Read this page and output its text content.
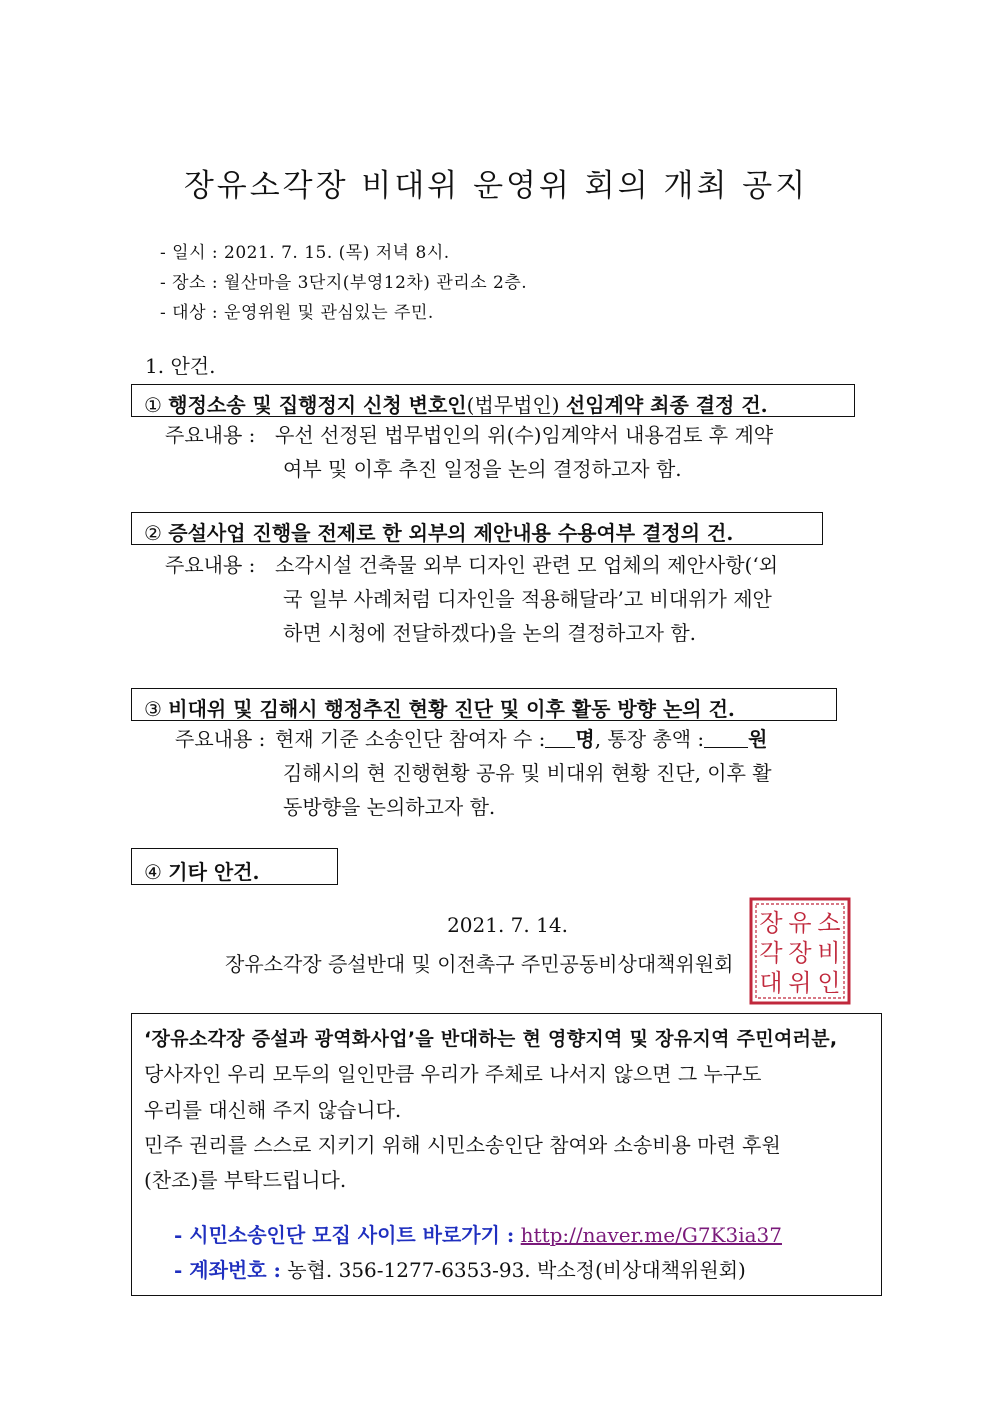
장유소각장 비대위 운영위 회의 개최 공지
- 일시 : 2021. 7. 15. (목) 저녁 8시.
- 장소 : 월산마을 3단지(부영12차) 관리소 2층.
- 대상 : 운영위원 및 관심있는 주민.
1. 안건.
① 행정소송 및 집행정지 신청 변호인(법무법인) 선임계약 최종 결정 건.
주요내용 : 우선 선정된 법무법인의 위(수)임계약서 내용검토 후 계약
여부 및 이후 추진 일정을 논의 결정하고자 함.
② 증설사업 진행을 전제로 한 외부의 제안내용 수용여부 결정의 건.
주요내용 : 소각시설 건축물 외부 디자인 관련 모 업체의 제안사항(‘외
국 일부 사례처럼 디자인을 적용해달라’고 비대위가 제안
하면 시청에 전달하겠다)을 논의 결정하고자 함.
③ 비대위 및 김해시 행정추진 현황 진단 및 이후 활동 방향 논의 건.
주요내용 : 현재 기준 소송인단 참여자 수 : 명, 통장 총액 : 원
김해시의 현 진행현황 공유 및 비대위 현황 진단, 이후 활
동방향을 논의하고자 함.
④ 기타 안건.
2021. 7. 14.
장유소각장 증설반대 및 이전촉구 주민공동비상대책위원회
장 유 소
각 장 비
대 위 인
‘장유소각장 증설과 광역화사업’을 반대하는 현 영향지역 및 장유지역 주민여러분,
당사자인 우리 모두의 일인만큼 우리가 주체로 나서지 않으면 그 누구도
우리를 대신해 주지 않습니다.
민주 권리를 스스로 지키기 위해 시민소송인단 참여와 소송비용 마련 후원
(찬조)를 부탁드립니다.
- 시민소송인단 모집 사이트 바로가기 : http://naver.me/G7K3ia37
- 계좌번호 : 농협. 356-1277-6353-93. 박소정(비상대책위원회)
